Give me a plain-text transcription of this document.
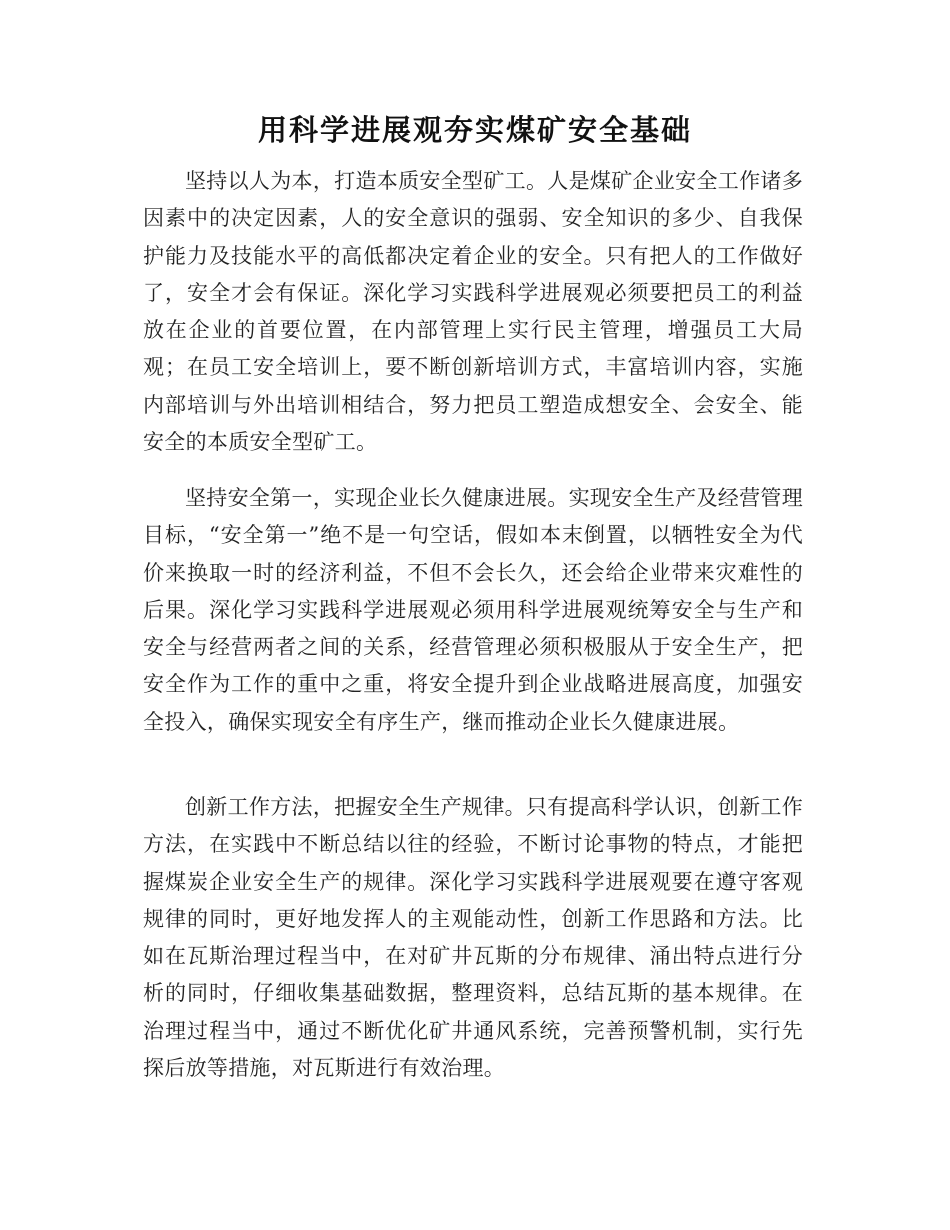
用科学进展观夯实煤矿安全基础

坚持以人为本，打造本质安全型矿工。人是煤矿企业安全工作诸多因素中的决定因素，人的安全意识的强弱、安全知识的多少、自我保护能力及技能水平的高低都决定着企业的安全。只有把人的工作做好了，安全才会有保证。深化学习实践科学进展观必须要把员工的利益放在企业的首要位置，在内部管理上实行民主管理，增强员工大局观；在员工安全培训上，要不断创新培训方式，丰富培训内容，实施内部培训与外出培训相结合，努力把员工塑造成想安全、会安全、能安全的本质安全型矿工。

坚持安全第一，实现企业长久健康进展。实现安全生产及经营管理目标，“安全第一”绝不是一句空话，假如本末倒置，以牺牲安全为代价来换取一时的经济利益，不但不会长久，还会给企业带来灾难性的后果。深化学习实践科学进展观必须用科学进展观统筹安全与生产和安全与经营两者之间的关系，经营管理必须积极服从于安全生产，把安全作为工作的重中之重，将安全提升到企业战略进展高度，加强安全投入，确保实现安全有序生产，继而推动企业长久健康进展。

创新工作方法，把握安全生产规律。只有提高科学认识，创新工作方法，在实践中不断总结以往的经验，不断讨论事物的特点，才能把握煤炭企业安全生产的规律。深化学习实践科学进展观要在遵守客观规律的同时，更好地发挥人的主观能动性，创新工作思路和方法。比如在瓦斯治理过程当中，在对矿井瓦斯的分布规律、涌出特点进行分析的同时，仔细收集基础数据，整理资料，总结瓦斯的基本规律。在治理过程当中，通过不断优化矿井通风系统，完善预警机制，实行先探后放等措施，对瓦斯进行有效治理。
